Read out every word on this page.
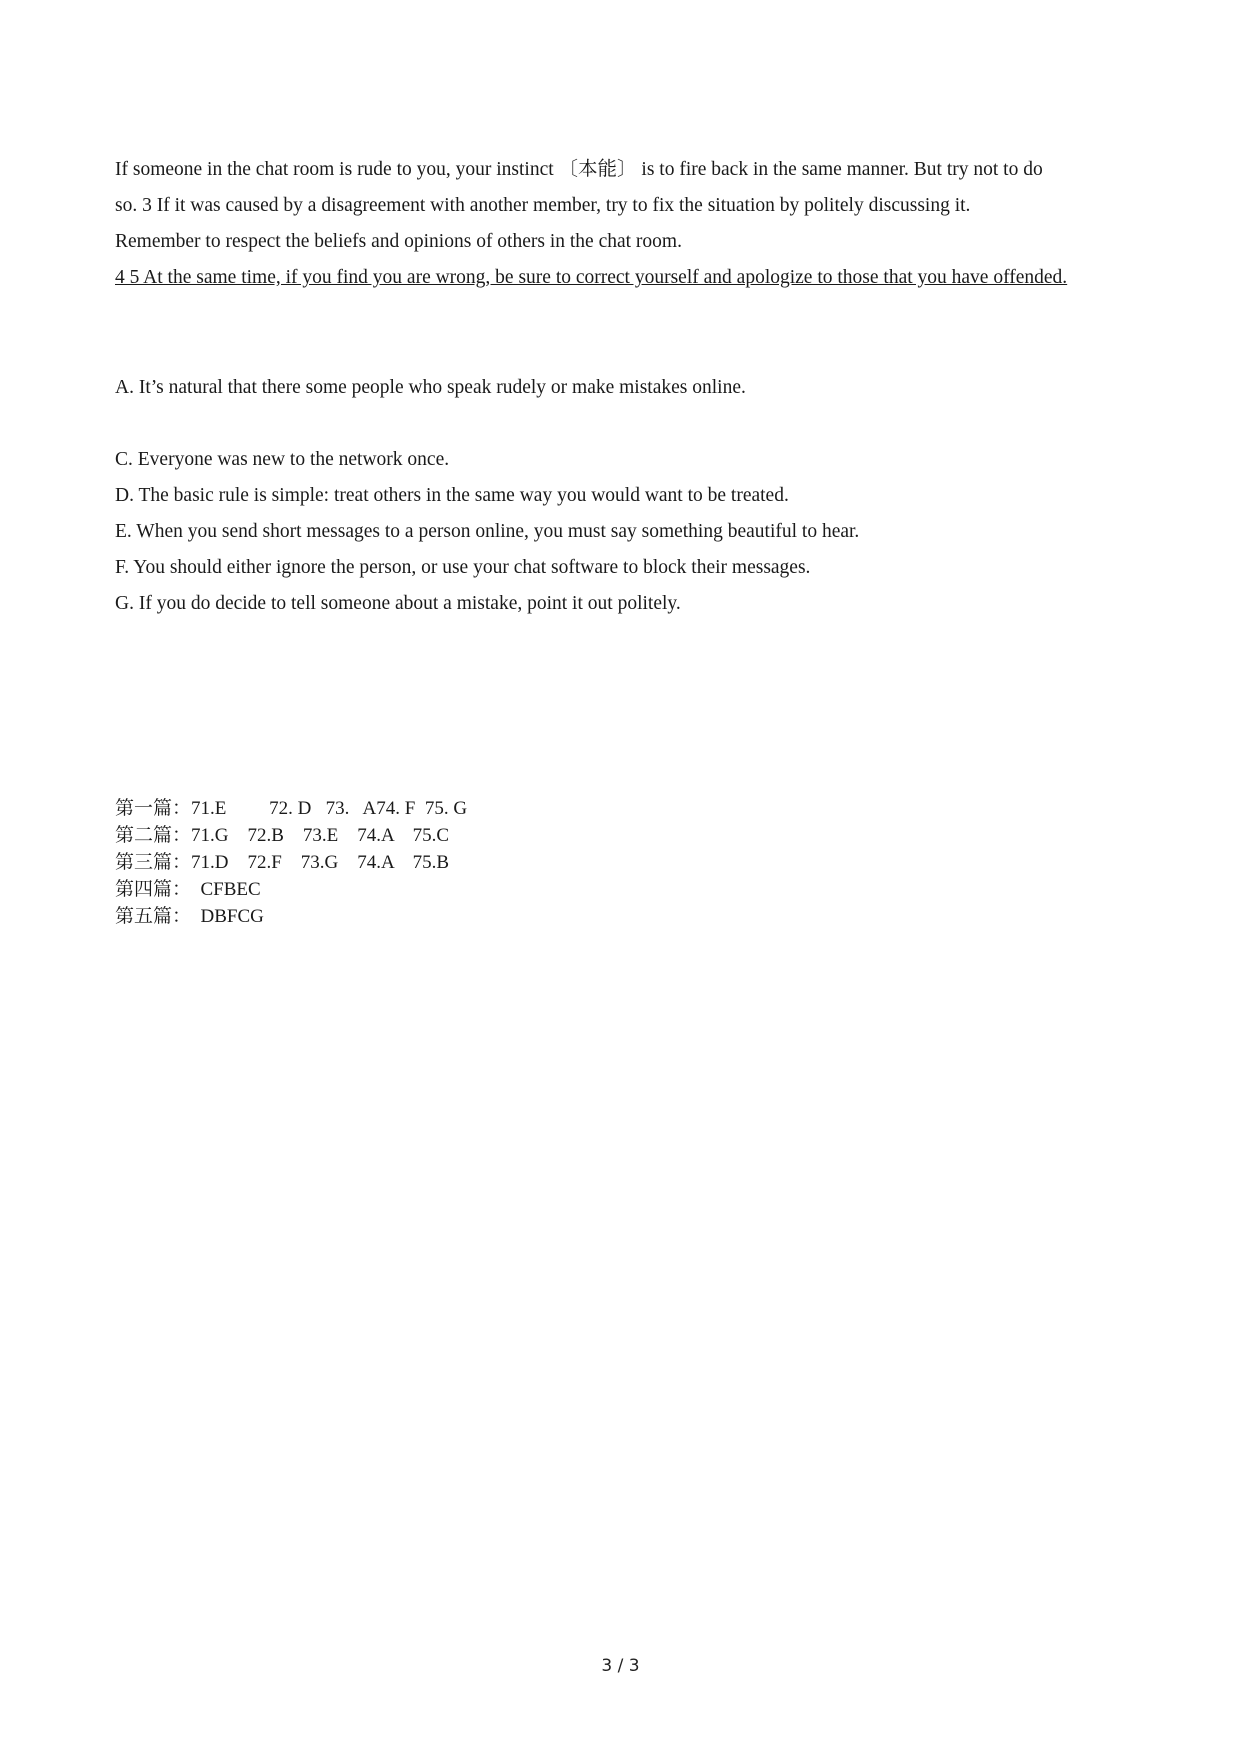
If someone in the chat room is rude to you, your instinct 〔本能〕 is to fire back in the same manner. But try not to do

so. 3 If it was caused by a disagreement with another member, try to fix the situation by politely discussing it.

Remember to respect the beliefs and opinions of others in the chat room.

4 5 At the same time, if you find you are wrong, be sure to correct yourself and apologize to those that you have offended.

A. It’s natural that there some people who speak rudely or make mistakes online.

C. Everyone was new to the network once.

D. The basic rule is simple: treat others in the same way you would want to be treated.

E. When you send short messages to a person online, you must say something beautiful to hear.

F. You should either ignore the person, or use your chat software to block their messages.

G. If you do decide to tell someone about a mistake, point it out politely.

第一篇：71.E         72. D   73.   A74. F  75. G
第二篇：71.G    72.B    73.E    74.A    75.C
第三篇：71.D    72.F    73.G    74.A    75.B
第四篇：  CFBEC
第五篇：  DBFCG
3 / 3
